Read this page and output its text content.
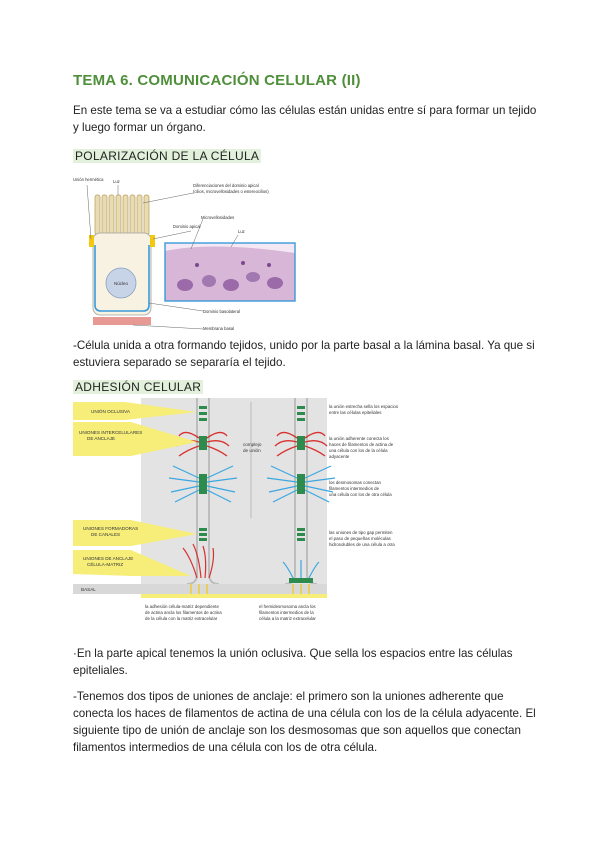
TEMA 6. COMUNICACIÓN CELULAR (II)
En este tema se va a estudiar cómo las células están unidas entre sí para formar un tejido y luego formar un órgano.
POLARIZACIÓN DE LA CÉLULA
Núcleo
Unión hermética Luz
Diferenciaciones del dominio apical
(cilios, microvellosidades o estereocilios)
Microvellosidades
Dominio apical
Luz
Dominio basolateral
Membrana basal
-Célula unida a otra formando tejidos, unido por la parte basal a la lámina basal. Ya que si estuviera separado se separaría el tejido.
ADHESIÓN CELULAR
complejo
de unión
UNIÓN OCLUSIVA
UNIONES INTERCELULARES
DE ANCLAJE
UNIONES FORMADORAS
DE CANALES
UNIONES DE ANCLAJE
CÉLULA-MATRIZ
BASAL
la unión estrecha sella los espacios
entre las células epiteliales
la unión adherente conecta los
haces de filamentos de actina de
una célula con los de la célula
adyacente
los desmosomas conectan
filamentos intermedios de
una célula con los de otra célula
las uniones de tipo gap permiten
el paso de pequeñas moléculas
hidrosolubles de una célula a otra
la adhesión célula-matriz dependiente
de actina ancla los filamentos de actina
de la célula con la matriz extracelular
el hemidesmosoma ancla los
filamentos intermedios de la
célula a la matriz extracelular
·En la parte apical tenemos la unión oclusiva. Que sella los espacios entre las células epiteliales.
-Tenemos dos tipos de uniones de anclaje: el primero son la uniones adherente que conecta los haces de filamentos de actina de una célula con los de la célula adyacente. El siguiente tipo de unión de anclaje son los desmosomas que son aquellos que conectan filamentos intermedios de una célula con los de otra célula.
